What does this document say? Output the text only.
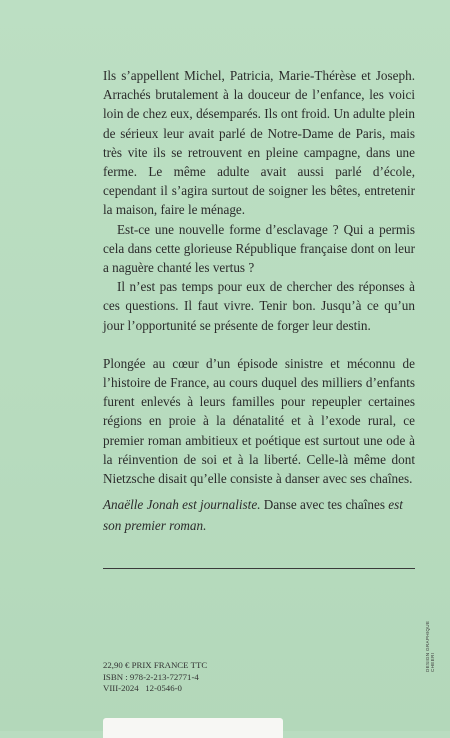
Ils s’appellent Michel, Patricia, Marie-Thérèse et Joseph. Arrachés brutalement à la douceur de l’enfance, les voici loin de chez eux, désemparés. Ils ont froid. Un adulte plein de sérieux leur avait parlé de Notre-Dame de Paris, mais très vite ils se retrouvent en pleine campagne, dans une ferme. Le même adulte avait aussi parlé d’école, cependant il s’agira surtout de soigner les bêtes, entretenir la maison, faire le ménage.

Est-ce une nouvelle forme d’esclavage ? Qui a permis cela dans cette glorieuse République française dont on leur a naguère chanté les vertus ?

Il n’est pas temps pour eux de chercher des réponses à ces questions. Il faut vivre. Tenir bon. Jusqu’à ce qu’un jour l’opportunité se présente de forger leur destin.

Plongée au cœur d’un épisode sinistre et méconnu de l’histoire de France, au cours duquel des milliers d’enfants furent enlevés à leurs familles pour repeupler certaines régions en proie à la dénatalité et à l’exode rural, ce premier roman ambitieux et poétique est surtout une ode à la réinvention de soi et à la liberté. Celle-là même dont Nietzsche disait qu’elle consiste à danser avec ses chaînes.

Anaëlle Jonah est journaliste. Danse avec tes chaînes est son premier roman.
DESIGN GRAPHIQUE CHEERI
22,90 € PRIX FRANCE TTC
ISBN : 978-2-213-72771-4
VIII-2024 12-0546-0
